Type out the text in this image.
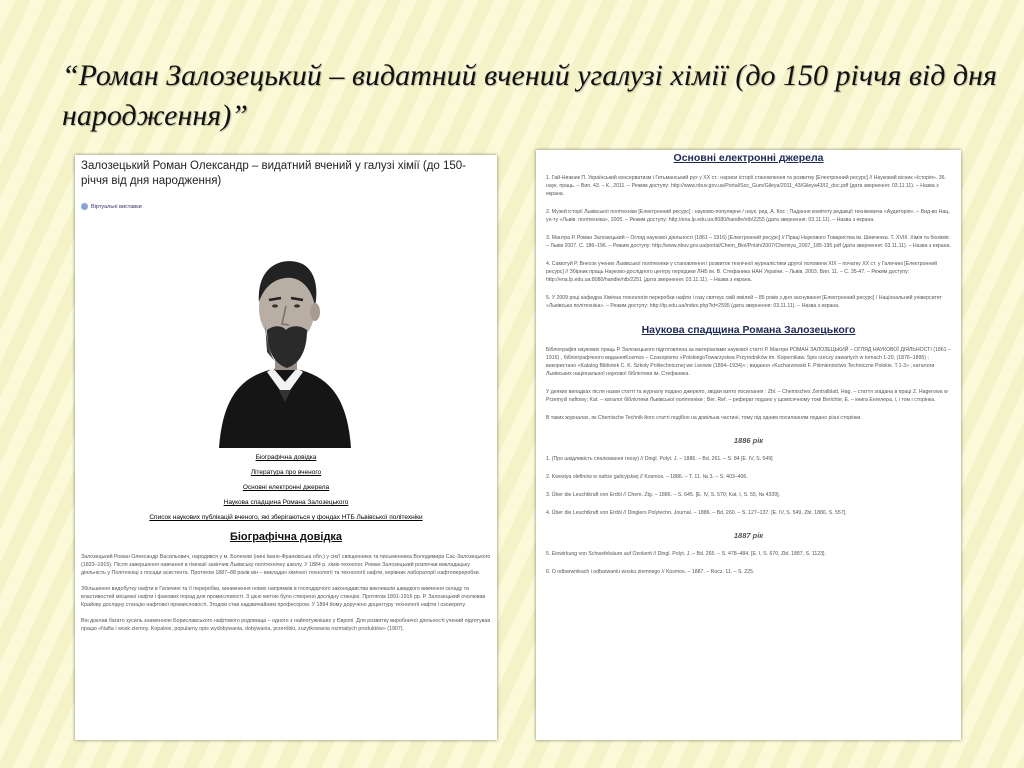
“Роман Залозецький – видатний вчений угалузі хімії (до 150 річчя від дня народження)”
Залозецький Роман Олександр – видатний вчений у галузі хімії (до 150-річчя від дня народження)
Віртуальні виставки
Біографічна довідка
Література про вченого
Основні електронні джерела
Наукова спадщина Романа Залозецького
Список наукових публікацій вченого, які зберігаються у фондах НТБ Львівської політехніки
Біографічна довідка
Залозецький Роман Олександр Васильович, народився у м. Болехові (нині Івано-Франківська обл.) у сім'ї священника та письменника Володимира Сас-Залозецького (1833–1915). Після завершення навчання в гімназії закінчив Львівську політехнічну школу. У 1884 р. хімік-технолог. Роман Залозецький розпочав викладацьку діяльність у Політехніці з посади асистента. Протягом 1887–88 років він – викладач хімічної технології та технології нафти, керівник лабораторії нафтопереробки.
Збільшення видобутку нафти в Галичині та її переробки, виникнення нових напрямків в господарчого законодавства викликали швидкого вивчення складу та властивостей місцевої нафти і фахових порад для промисловості. З цією метою було створено дослідну станцію. Протягом 1891-1916 pp. Р. Залозецький очолював Крайову дослідну станцію нафтової промисловості. Згодом став надзвичайним професором. У 1894 йому доручено доцентуру технології нафти і озокериту.
Він доклав багато зусиль знаменною Бориславського нафтового родовища – одного з найпотужніших у Європі. Для розвитку виробничої діяльності учений підготував працю «Nafta i wosk ziemny. Kopalnie, popularny opis wydobywania, dobywania, przeróbki, zuzytkowania rozmaitych produktów» (1907).
Основні електронні джерела
1. Гай-Нижник П. Український консерватизм і Гетьманський рух у ХХ ст.: нариси історії становлення та розвитку [Електронний ресурс] // Науковий вісник «Історія». 36. наук. праць. – Вип. 43. – К., 2011. – Режим доступу: http://www.nbuv.gov.ua/Portal/Soc_Gum/Gileya/2011_43/Gileya43/I2_doc.pdf (дата звернення: 03.11.11). – Назва з екрана.
2. Музей історії Львівської політехніки [Електронний ресурс] : науково-популярне / наук. ред. А. Кос ; Падання комітету редакції технікевича «Аудиторія». – Вид-во Нац. ун-ту «Львів. політехніка», 2005. – Режим доступу: http://ena.lp.edu.ua:8080/handle/ntb/2255 (дата звернення: 03.11.11). – Назва з екрана.
3. Мантра Р. Роман Залозецький – Огляд наукової діяльності (1861 – 1916) [Електронний ресурс] // Праці Наукового Товариства ім. Шевченка. Т. XVIII. Хімія та біохімія. – Львів 2007. С. 186–196. – Режим доступу: http://www.nbuv.gov.ua/portal/Chem_Biol/Pntsh/2007/Chemiya_2007_185-195.pdf (дата звернення: 03.11.11). – Назва з екрана.
4. Самотуй Р. Внесок учених Львівської політехніки у становлення і розвиток технічної журналістики другої половини ХІХ – початку ХХ ст. у Галичині [Електронний ресурс] // Збірник праць Науково-дослідного центру періодики ЛНБ ім. В. Стефаника НАН України. – Львів, 2003. Вип. 11. – С. 35-47. – Режим доступу: http://ena.lp.edu.ua:8080/handle/ntb/2251 (дата звернення: 03.11.11). – Назва з екрана.
5. У 2009 році кафедра Хімічна технологія переробки нафти і газу святкує свій ювілей – 85 років з дня заснування [Електронний ресурс] / Національний університет «Львівська політехніка». – Режим доступу: http://tp.edu.ua/index.php?id=2595 (дата звернення: 03.11.11). – Назва з екрана.
Наукова спадщина Романа Залозецького
Бібліографія наукових праць Р. Залозецького підготовлена за матеріалами наукової статті Р. Мантри РОМАН ЗАЛОЗЕЦЬКИЙ – ОГЛЯД НАУКОВОЇ ДІЯЛЬНОСТІ (1861 – 1916) , бібліографічного виданняKosmos – Czasopismo «PolskiegoTowarzystwa Przyrodników im. Kopernikaw. Spis rzeczy zawartych w tomach 1-20, (1876–1895) ; використано «Katalog Bibliotek C. K. Szkoły Politechnicznej we Lwowie (1894–1934)» ; видання «Kucharzewski F. Piśmiennictwo Techniczne Polskie. T.1-3» ; каталоги Львівських національної наукової бібліотеки ім. Стефаника.
У деяких випадках після назви статті та журналу подано джерело, звідки взято посилання : Zbl. – Chemisches Zentralblatt, Hag. – стаття згадана в праці Z. Hagerowa w Przemyśl naftowy; Kat. – каталог бібліотеки Львівської політехніки ; Ber. Ref. – реферат подано у щомісячному томі Berichte; E. – книга Енгелера, і, і том і сторінка.
В таких журналах, як Chemische Technik його статті подібно на довільна частині, тому під одним посиланням подано різні сторінки.
1886 рік
1. (Про шкідливість спалювання гнозу) // Dingl. Polyt. J. – 1886. – Bd. 261. – S. 84 [E. IV, S. 549]
2. Kwestya olefinów w nafcie galicyjskiej // Kosmos. – 1886. – T. 11. № 3. – S. 403–406.
3. Über die Leuchtkraft von Erdöl // Chem. Ztg. – 1886. – S. 645. [E. IV, S. 570; Kat. I, S. 55, № 4339].
4. Über die Leuchtkraft von Erdöl // Dinglers Polytechn. Journal. – 1886. – Bd. 260. – S. 127–137. [E. IV, S. 549, Zbl. 1886, S. 557].
1887 рік
5. Einwirkung von Schwefelsäure auf Ozokerit // Dingl. Polyt. J. – Bd. 265. – S. 478–484. [E. I, S. 670, Zbl. 1887, S. 1123].
6. O odbarwnikach i odbarwaniu wosku ziemnego // Kosmos. – 1887. – Rocz. 11. – S. 225.
